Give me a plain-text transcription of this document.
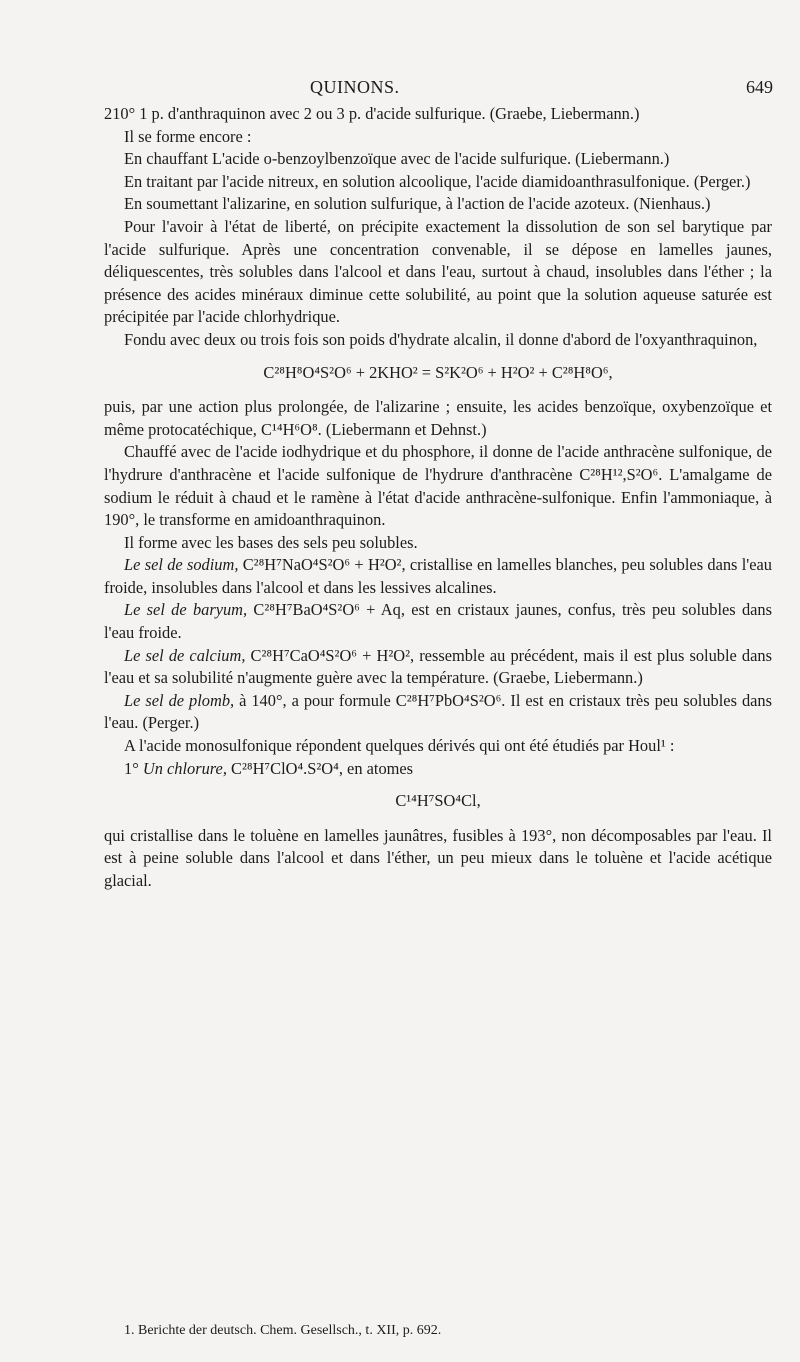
QUINONS.	649

210° 1 p. d'anthraquinon avec 2 ou 3 p. d'acide sulfurique. (Graebe, Liebermann.)

Il se forme encore :

En chauffant L'acide o-benzoylbenzoïque avec de l'acide sulfurique. (Liebermann.)

En traitant par l'acide nitreux, en solution alcoolique, l'acide diamidoanthrasulfonique. (Perger.)

En soumettant l'alizarine, en solution sulfurique, à l'action de l'acide azoteux. (Nienhaus.)

Pour l'avoir à l'état de liberté, on précipite exactement la dissolution de son sel barytique par l'acide sulfurique. Après une concentration convenable, il se dépose en lamelles jaunes, déliquescentes, très solubles dans l'alcool et dans l'eau, surtout à chaud, insolubles dans l'éther ; la présence des acides minéraux diminue cette solubilité, au point que la solution aqueuse saturée est précipitée par l'acide chlorhydrique.

Fondu avec deux ou trois fois son poids d'hydrate alcalin, il donne d'abord de l'oxyanthraquinon,

C²⁸H⁸O⁴S²O⁶ + 2KHO² = S²K²O⁶ + H²O² + C²⁸H⁸O⁶,

puis, par une action plus prolongée, de l'alizarine ; ensuite, les acides benzoïque, oxybenzoïque et même protocatéchique, C¹⁴H⁶O⁸. (Liebermann et Dehnst.)

Chauffé avec de l'acide iodhydrique et du phosphore, il donne de l'acide anthracène sulfonique, de l'hydrure d'anthracène et l'acide sulfonique de l'hydrure d'anthracène C²⁸H¹²,S²O⁶. L'amalgame de sodium le réduit à chaud et le ramène à l'état d'acide anthracène-sulfonique. Enfin l'ammoniaque, à 190°, le transforme en amidoanthraquinon.

Il forme avec les bases des sels peu solubles.

Le sel de sodium, C²⁸H⁷NaO⁴S²O⁶ + H²O², cristallise en lamelles blanches, peu solubles dans l'eau froide, insolubles dans l'alcool et dans les lessives alcalines.

Le sel de baryum, C²⁸H⁷BaO⁴S²O⁶ + Aq, est en cristaux jaunes, confus, très peu solubles dans l'eau froide.

Le sel de calcium, C²⁸H⁷CaO⁴S²O⁶ + H²O², ressemble au précédent, mais il est plus soluble dans l'eau et sa solubilité n'augmente guère avec la température. (Graebe, Liebermann.)

Le sel de plomb, à 140°, a pour formule C²⁸H⁷PbO⁴S²O⁶. Il est en cristaux très peu solubles dans l'eau. (Perger.)

A l'acide monosulfonique répondent quelques dérivés qui ont été étudiés par Houl¹ :

1° Un chlorure, C²⁸H⁷ClO⁴.S²O⁴, en atomes

C¹⁴H⁷SO⁴Cl,

qui cristallise dans le toluène en lamelles jaunâtres, fusibles à 193°, non décomposables par l'eau. Il est à peine soluble dans l'alcool et dans l'éther, un peu mieux dans le toluène et l'acide acétique glacial.

1. Berichte der deutsch. Chem. Gesellsch., t. XII, p. 692.
